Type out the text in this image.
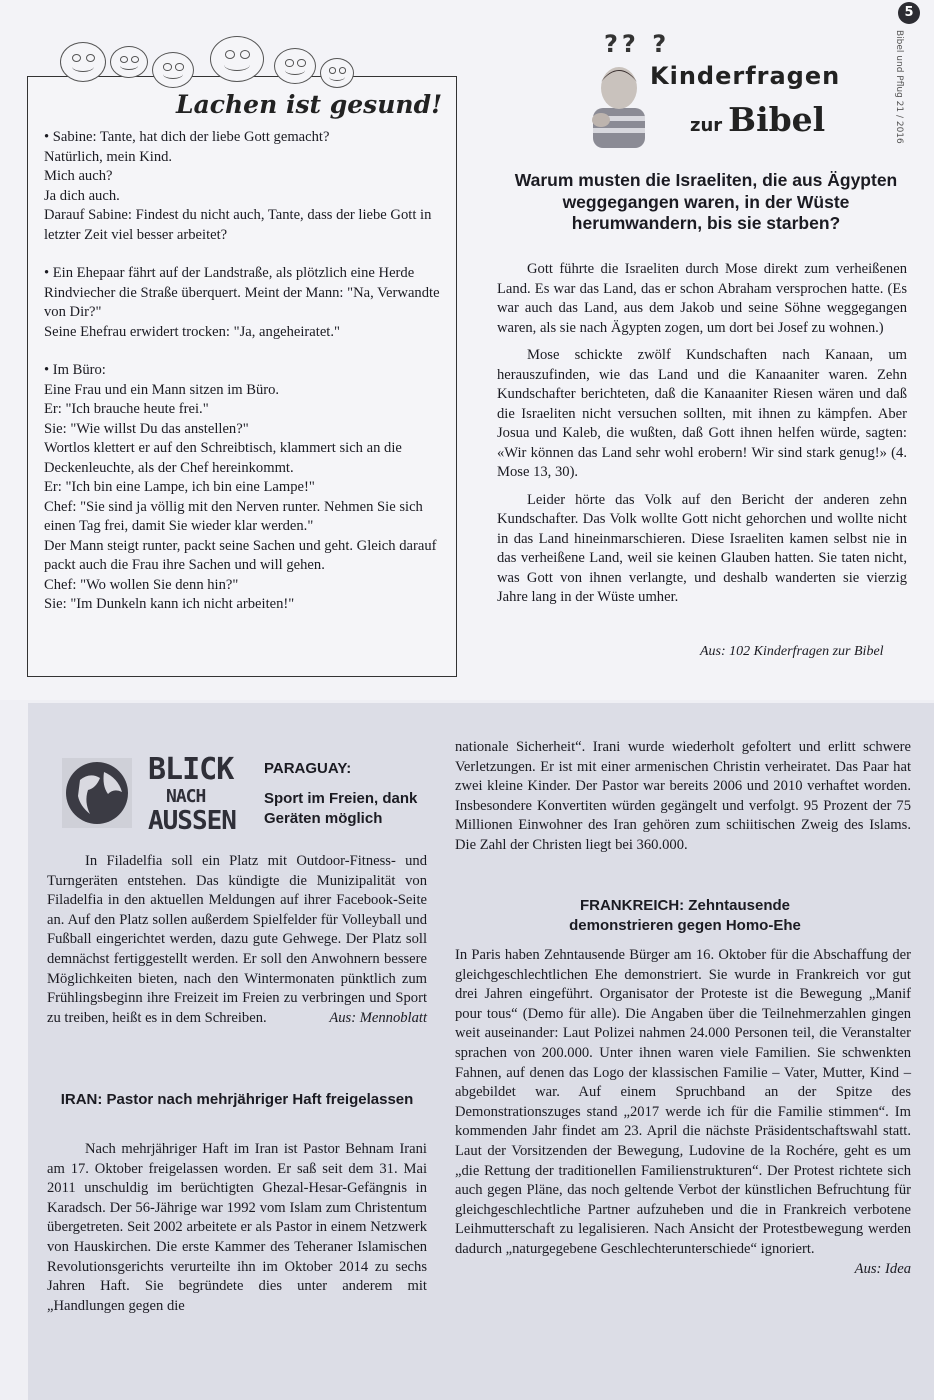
5
Lachen ist gesund!

• Sabine: Tante, hat dich der liebe Gott gemacht?

Natürlich, mein Kind.

Mich auch?

Ja dich auch.

Darauf Sabine: Findest du nicht auch, Tante, dass der liebe Gott in letzter Zeit viel besser arbeitet?

• Ein Ehepaar fährt auf der Landstraße, als plötzlich eine Herde Rindviecher die Straße überquert. Meint der Mann: "Na, Verwandte von Dir?"

Seine Ehefrau erwidert trocken: "Ja, angeheiratet."

• Im Büro:

Eine Frau und ein Mann sitzen im Büro.

Er: "Ich brauche heute frei."

Sie: "Wie willst Du das anstellen?"

Wortlos klettert er auf den Schreibtisch, klammert sich an die Deckenleuchte, als der Chef hereinkommt.

Er: "Ich bin eine Lampe, ich bin eine Lampe!"

Chef: "Sie sind ja völlig mit den Nerven runter. Nehmen Sie sich einen Tag frei, damit Sie wieder klar werden."

Der Mann steigt runter, packt seine Sachen und geht. Gleich darauf packt auch die Frau ihre Sachen und will gehen.

Chef: "Wo wollen Sie denn hin?"

Sie: "Im Dunkeln kann ich nicht arbeiten!"

?? ?
Kinderfragen
zur Bibel
Warum musten die Israeliten, die aus Ägypten weggegangen waren, in der Wüste herumwandern, bis sie starben?

Gott führte die Israeliten durch Mose direkt zum verheißenen Land. Es war das Land, das er schon Abraham versprochen hatte. (Es war auch das Land, aus dem Jakob und seine Söhne weggegangen waren, als sie nach Ägypten zogen, um dort bei Josef zu wohnen.)

Mose schickte zwölf Kundschaften nach Kanaan, um herauszufinden, wie das Land und die Kanaaniter waren. Zehn Kundschafter berichteten, daß die Kanaaniter Riesen wären und daß die Israeliten nicht versuchen sollten, mit ihnen zu kämpfen. Aber Josua und Kaleb, die wußten, daß Gott ihnen helfen würde, sagten: «Wir können das Land sehr wohl erobern! Wir sind stark genug!» (4. Mose 13, 30).

Leider hörte das Volk auf den Bericht der anderen zehn Kundschafter. Das Volk wollte Gott nicht gehorchen und wollte nicht in das Land hineinmarschieren. Diese Israeliten kamen selbst nie in das verheißene Land, weil sie keinen Glauben hatten. Sie taten nicht, was Gott von ihnen verlangte, und deshalb wanderten sie vierzig Jahre lang in der Wüste umher.

Aus: 102 Kinderfragen zur Bibel
BLICK
NACH
AUSSEN
PARAGUAY:
Sport im Freien, dank Geräten möglich

In Filadelfia soll ein Platz mit Outdoor-Fitness- und Turngeräten entstehen. Das kündigte die Munizipalität von Filadelfia in den aktuellen Meldungen auf ihrer Facebook-Seite an. Auf den Platz sollen außerdem Spielfelder für Volleyball und Fußball eingerichtet werden, dazu gute Gehwege. Der Platz soll demnächst fertiggestellt werden. Er soll den Anwohnern bessere Möglichkeiten bieten, nach den Wintermonaten pünktlich zum Frühlingsbeginn ihre Freizeit im Freien zu verbringen und Sport zu treiben, heißt es in dem Schreiben.	Aus: Mennoblatt
IRAN: Pastor nach mehrjähriger Haft freigelassen

Nach mehrjähriger Haft im Iran ist Pastor Behnam Irani am 17. Oktober freigelassen worden. Er saß seit dem 31. Mai 2011 unschuldig im berüchtigten Ghezal-Hesar-Gefängnis in Karadsch. Der 56-Jährige war 1992 vom Islam zum Christentum übergetreten. Seit 2002 arbeitete er als Pastor in einem Netzwerk von Hauskirchen. Die erste Kammer des Teheraner Islamischen Revolutionsgerichts verurteilte ihn im Oktober 2014 zu sechs Jahren Haft. Sie begründete dies unter anderem mit „Handlungen gegen die

nationale Sicherheit“. Irani wurde wiederholt gefoltert und erlitt schwere Verletzungen. Er ist mit einer armenischen Christin verheiratet. Das Paar hat zwei kleine Kinder. Der Pastor war bereits 2006 und 2010 verhaftet worden. Insbesondere Konvertiten würden gegängelt und verfolgt. 95 Prozent der 75 Millionen Einwohner des Iran gehören zum schiitischen Zweig des Islams. Die Zahl der Christen liegt bei 360.000.

FRANKREICH: Zehntausende demonstrieren gegen Homo-Ehe

In Paris haben Zehntausende Bürger am 16. Oktober für die Abschaffung der gleichgeschlechtlichen Ehe demonstriert. Sie wurde in Frankreich vor gut drei Jahren eingeführt. Organisator der Proteste ist die Bewegung „Manif pour tous“ (Demo für alle). Die Angaben über die Teilnehmerzahlen gingen weit auseinander: Laut Polizei nahmen 24.000 Personen teil, die Veranstalter sprachen von 200.000. Unter ihnen waren viele Familien. Sie schwenkten Fahnen, auf denen das Logo der klassischen Familie – Vater, Mutter, Kind – abgebildet war. Auf einem Spruchband an der Spitze des Demonstrationszuges stand „2017 werde ich für die Familie stimmen“. Im kommenden Jahr findet am 23. April die nächste Präsidentschaftswahl statt. Laut der Vorsitzenden der Bewegung, Ludovine de la Rochére, geht es um „die Rettung der traditionellen Familienstrukturen“. Der Protest richtete sich auch gegen Pläne, das noch geltende Verbot der künstlichen Befruchtung für gleichgeschlechtliche Partner aufzuheben und die in Frankreich verbotene Leihmutterschaft zu legalisieren. Nach Ansicht der Protestbewegung werden dadurch „naturgegebene Geschlechterunterschiede“ ignoriert.

Aus: Idea
